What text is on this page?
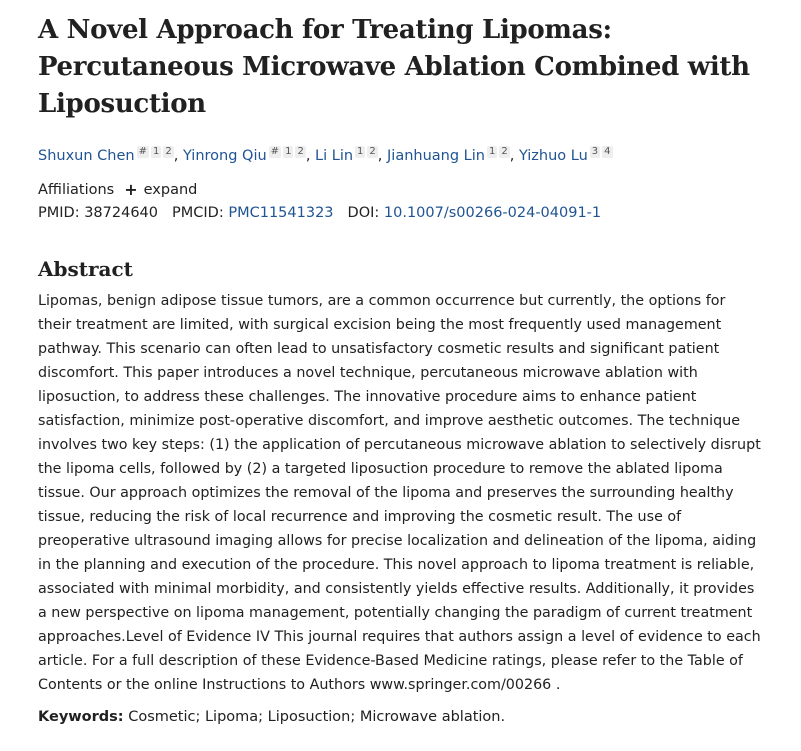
A Novel Approach for Treating Lipomas: Percutaneous Microwave Ablation Combined with Liposuction
Shuxun Chen # 1 2 , Yinrong Qiu # 1 2 , Li Lin 1 2 , Jianhuang Lin 1 2 , Yizhuo Lu 3 4
Affiliations + expand
PMID: 38724640 PMCID: PMC11541323 DOI: 10.1007/s00266-024-04091-1
Abstract
Lipomas, benign adipose tissue tumors, are a common occurrence but currently, the options for their treatment are limited, with surgical excision being the most frequently used management pathway. This scenario can often lead to unsatisfactory cosmetic results and significant patient discomfort. This paper introduces a novel technique, percutaneous microwave ablation with liposuction, to address these challenges. The innovative procedure aims to enhance patient satisfaction, minimize post-operative discomfort, and improve aesthetic outcomes. The technique involves two key steps: (1) the application of percutaneous microwave ablation to selectively disrupt the lipoma cells, followed by (2) a targeted liposuction procedure to remove the ablated lipoma tissue. Our approach optimizes the removal of the lipoma and preserves the surrounding healthy tissue, reducing the risk of local recurrence and improving the cosmetic result. The use of preoperative ultrasound imaging allows for precise localization and delineation of the lipoma, aiding in the planning and execution of the procedure. This novel approach to lipoma treatment is reliable, associated with minimal morbidity, and consistently yields effective results. Additionally, it provides a new perspective on lipoma management, potentially changing the paradigm of current treatment approaches.Level of Evidence IV This journal requires that authors assign a level of evidence to each article. For a full description of these Evidence-Based Medicine ratings, please refer to the Table of Contents or the online Instructions to Authors www.springer.com/00266 .
Keywords: Cosmetic; Lipoma; Liposuction; Microwave ablation.
